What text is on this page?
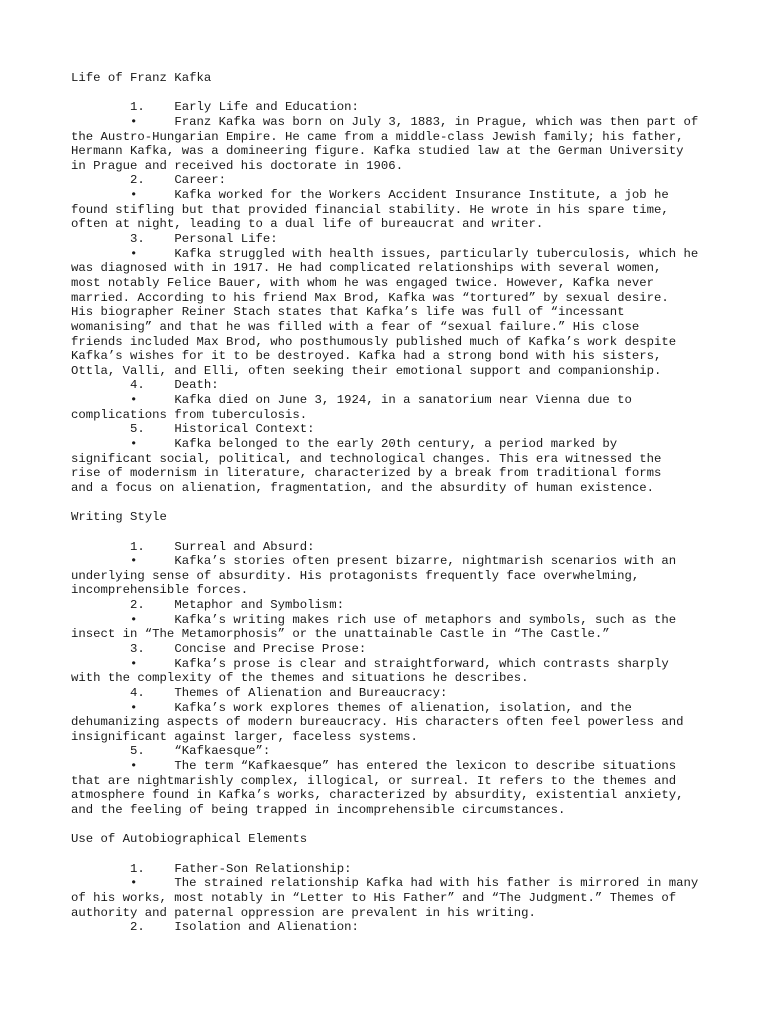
Life of Franz Kafka
1. Early Life and Education:
•	Franz Kafka was born on July 3, 1883, in Prague, which was then part of
the Austro-Hungarian Empire. He came from a middle-class Jewish family; his father,
Hermann Kafka, was a domineering figure. Kafka studied law at the German University
in Prague and received his doctorate in 1906.
2. Career:
•	Kafka worked for the Workers Accident Insurance Institute, a job he
found stifling but that provided financial stability. He wrote in his spare time,
often at night, leading to a dual life of bureaucrat and writer.
3. Personal Life:
•	Kafka struggled with health issues, particularly tuberculosis, which he
was diagnosed with in 1917. He had complicated relationships with several women,
most notably Felice Bauer, with whom he was engaged twice. However, Kafka never
married. According to his friend Max Brod, Kafka was “tortured” by sexual desire.
His biographer Reiner Stach states that Kafka’s life was full of “incessant
womanising” and that he was filled with a fear of “sexual failure.” His close
friends included Max Brod, who posthumously published much of Kafka’s work despite
Kafka’s wishes for it to be destroyed. Kafka had a strong bond with his sisters,
Ottla, Valli, and Elli, often seeking their emotional support and companionship.
4. Death:
•	Kafka died on June 3, 1924, in a sanatorium near Vienna due to
complications from tuberculosis.
5. Historical Context:
•	Kafka belonged to the early 20th century, a period marked by
significant social, political, and technological changes. This era witnessed the
rise of modernism in literature, characterized by a break from traditional forms
and a focus on alienation, fragmentation, and the absurdity of human existence.
Writing Style
1. Surreal and Absurd:
•	Kafka’s stories often present bizarre, nightmarish scenarios with an
underlying sense of absurdity. His protagonists frequently face overwhelming,
incomprehensible forces.
2. Metaphor and Symbolism:
•	Kafka’s writing makes rich use of metaphors and symbols, such as the
insect in “The Metamorphosis” or the unattainable Castle in “The Castle.”
3. Concise and Precise Prose:
•	Kafka’s prose is clear and straightforward, which contrasts sharply
with the complexity of the themes and situations he describes.
4. Themes of Alienation and Bureaucracy:
•	Kafka’s work explores themes of alienation, isolation, and the
dehumanizing aspects of modern bureaucracy. His characters often feel powerless and
insignificant against larger, faceless systems.
5. “Kafkaesque”:
•	The term “Kafkaesque” has entered the lexicon to describe situations
that are nightmarishly complex, illogical, or surreal. It refers to the themes and
atmosphere found in Kafka’s works, characterized by absurdity, existential anxiety,
and the feeling of being trapped in incomprehensible circumstances.
Use of Autobiographical Elements
1. Father-Son Relationship:
•	The strained relationship Kafka had with his father is mirrored in many
of his works, most notably in “Letter to His Father” and “The Judgment.” Themes of
authority and paternal oppression are prevalent in his writing.
2. Isolation and Alienation:
